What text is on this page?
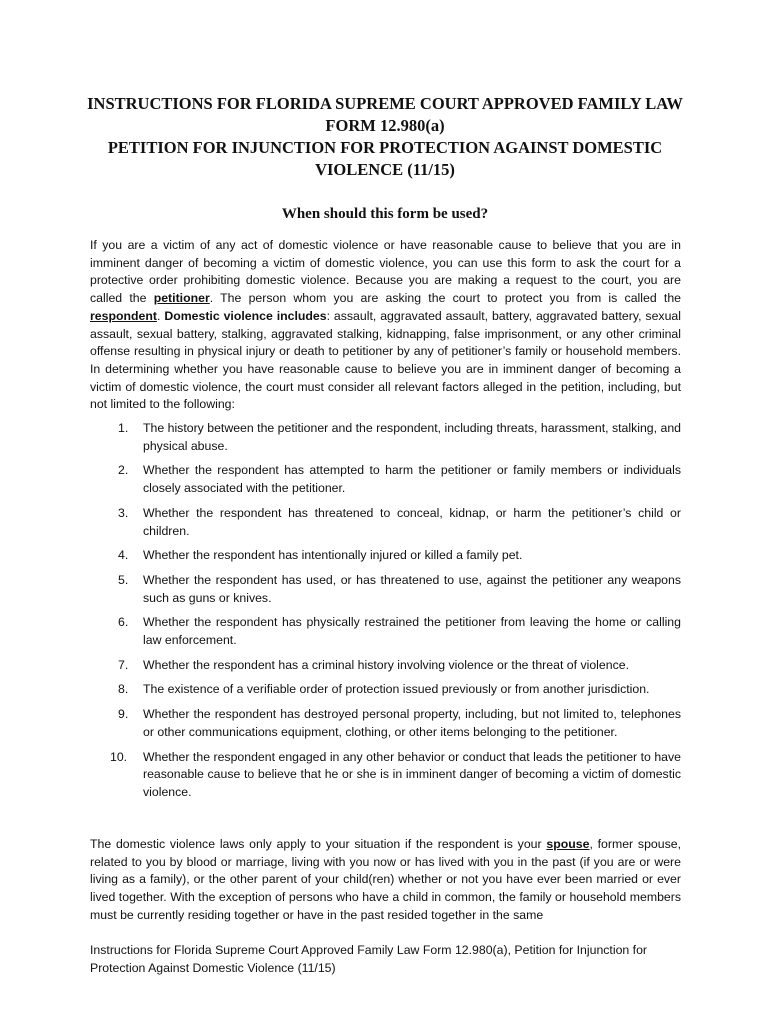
INSTRUCTIONS FOR FLORIDA SUPREME COURT APPROVED FAMILY LAW
FORM 12.980(a)
PETITION FOR INJUNCTION FOR PROTECTION AGAINST DOMESTIC
VIOLENCE (11/15)
When should this form be used?

If you are a victim of any act of domestic violence or have reasonable cause to believe that you are in imminent danger of becoming a victim of domestic violence, you can use this form to ask the court for a protective order prohibiting domestic violence. Because you are making a request to the court, you are called the petitioner. The person whom you are asking the court to protect you from is called the respondent. Domestic violence includes: assault, aggravated assault, battery, aggravated battery, sexual assault, sexual battery, stalking, aggravated stalking, kidnapping, false imprisonment, or any other criminal offense resulting in physical injury or death to petitioner by any of petitioner’s family or household members. In determining whether you have reasonable cause to believe you are in imminent danger of becoming a victim of domestic violence, the court must consider all relevant factors alleged in the petition, including, but not limited to the following:

1.	The history between the petitioner and the respondent, including threats, harassment, stalking, and physical abuse.
2.	Whether the respondent has attempted to harm the petitioner or family members or individuals closely associated with the petitioner.
3.	Whether the respondent has threatened to conceal, kidnap, or harm the petitioner’s child or children.
4.	Whether the respondent has intentionally injured or killed a family pet.
5.	Whether the respondent has used, or has threatened to use, against the petitioner any weapons such as guns or knives.
6.	Whether the respondent has physically restrained the petitioner from leaving the home or calling law enforcement.
7.	Whether the respondent has a criminal history involving violence or the threat of violence.
8.	The existence of a verifiable order of protection issued previously or from another jurisdiction.
9.	Whether the respondent has destroyed personal property, including, but not limited to, telephones or other communications equipment, clothing, or other items belonging to the petitioner.
10. Whether the respondent engaged in any other behavior or conduct that leads the petitioner to have reasonable cause to believe that he or she is in imminent danger of becoming a victim of domestic violence.

The domestic violence laws only apply to your situation if the respondent is your spouse, former spouse, related to you by blood or marriage, living with you now or has lived with you in the past (if you are or were living as a family), or the other parent of your child(ren) whether or not you have ever been married or ever lived together. With the exception of persons who have a child in common, the family or household members must be currently residing together or have in the past resided together in the same

Instructions for Florida Supreme Court Approved Family Law Form 12.980(a), Petition for Injunction for
Protection Against Domestic Violence (11/15)
